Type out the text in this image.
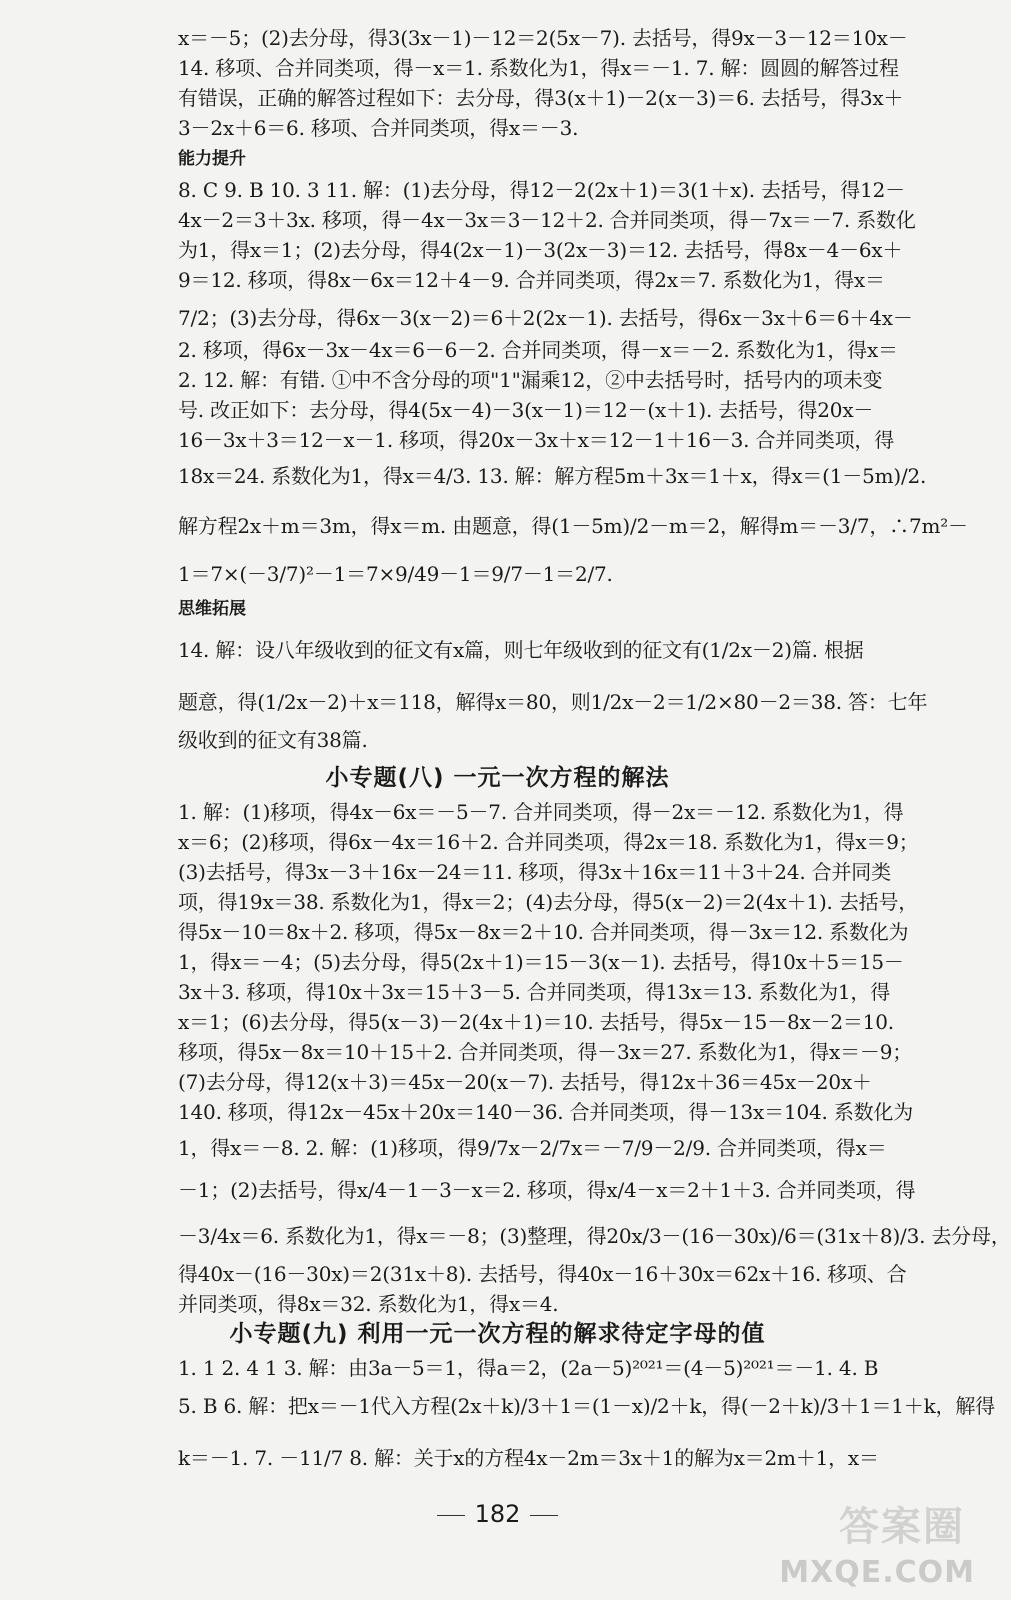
x＝－5；(2)去分母，得3(3x－1)－12＝2(5x－7). 去括号，得9x－3－12＝10x－
14. 移项、合并同类项，得－x＝1. 系数化为1，得x＝－1. 7. 解：圆圆的解答过程
有错误，正确的解答过程如下：去分母，得3(x＋1)－2(x－3)＝6. 去括号，得3x＋
3－2x＋6＝6. 移项、合并同类项，得x＝－3.
能力提升
8. C 9. B 10. 3 11. 解：(1)去分母，得12－2(2x＋1)＝3(1＋x). 去括号，得12－
4x－2＝3＋3x. 移项，得－4x－3x＝3－12＋2. 合并同类项，得－7x＝－7. 系数化
为1，得x＝1；(2)去分母，得4(2x－1)－3(2x－3)＝12. 去括号，得8x－4－6x＋
9＝12. 移项，得8x－6x＝12＋4－9. 合并同类项，得2x＝7. 系数化为1，得x＝
7/2；(3)去分母，得6x－3(x－2)＝6＋2(2x－1). 去括号，得6x－3x＋6＝6＋4x－
2. 移项，得6x－3x－4x＝6－6－2. 合并同类项，得－x＝－2. 系数化为1，得x＝
2. 12. 解：有错. ①中不含分母的项"1"漏乘12，②中去括号时，括号内的项未变
号. 改正如下：去分母，得4(5x－4)－3(x－1)＝12－(x＋1). 去括号，得20x－
16－3x＋3＝12－x－1. 移项，得20x－3x＋x＝12－1＋16－3. 合并同类项，得
18x＝24. 系数化为1，得x＝4/3. 13. 解：解方程5m＋3x＝1＋x，得x＝(1－5m)/2.
解方程2x＋m＝3m，得x＝m. 由题意，得(1－5m)/2－m＝2，解得m＝－3/7，∴7m²－
1＝7×(－3/7)²－1＝7×9/49－1＝9/7－1＝2/7.
思维拓展
14. 解：设八年级收到的征文有x篇，则七年级收到的征文有(1/2x－2)篇. 根据
题意，得(1/2x－2)＋x＝118，解得x＝80，则1/2x－2＝1/2×80－2＝38. 答：七年
级收到的征文有38篇.
小专题(八) 一元一次方程的解法
1. 解：(1)移项，得4x－6x＝－5－7. 合并同类项，得－2x＝－12. 系数化为1，得
x＝6；(2)移项，得6x－4x＝16＋2. 合并同类项，得2x＝18. 系数化为1，得x＝9；
(3)去括号，得3x－3＋16x－24＝11. 移项，得3x＋16x＝11＋3＋24. 合并同类
项，得19x＝38. 系数化为1，得x＝2；(4)去分母，得5(x－2)＝2(4x＋1). 去括号，
得5x－10＝8x＋2. 移项，得5x－8x＝2＋10. 合并同类项，得－3x＝12. 系数化为
1，得x＝－4；(5)去分母，得5(2x＋1)＝15－3(x－1). 去括号，得10x＋5＝15－
3x＋3. 移项，得10x＋3x＝15＋3－5. 合并同类项，得13x＝13. 系数化为1，得
x＝1；(6)去分母，得5(x－3)－2(4x＋1)＝10. 去括号，得5x－15－8x－2＝10.
移项，得5x－8x＝10＋15＋2. 合并同类项，得－3x＝27. 系数化为1，得x＝－9；
(7)去分母，得12(x＋3)＝45x－20(x－7). 去括号，得12x＋36＝45x－20x＋
140. 移项，得12x－45x＋20x＝140－36. 合并同类项，得－13x＝104. 系数化为
1，得x＝－8. 2. 解：(1)移项，得9/7x－2/7x＝－7/9－2/9. 合并同类项，得x＝
－1；(2)去括号，得x/4－1－3－x＝2. 移项，得x/4－x＝2＋1＋3. 合并同类项，得
－3/4x＝6. 系数化为1，得x＝－8；(3)整理，得20x/3－(16－30x)/6＝(31x＋8)/3. 去分母，
得40x－(16－30x)＝2(31x＋8). 去括号，得40x－16＋30x＝62x＋16. 移项、合
并同类项，得8x＝32. 系数化为1，得x＝4.
小专题(九) 利用一元一次方程的解求待定字母的值
1. 1 2. 4 1 3. 解：由3a－5＝1，得a＝2，(2a－5)²⁰²¹＝(4－5)²⁰²¹＝－1. 4. B
5. B 6. 解：把x＝－1代入方程(2x＋k)/3＋1＝(1－x)/2＋k，得(－2＋k)/3＋1＝1＋k，解得
k＝－1. 7. －11/7 8. 解：关于x的方程4x－2m＝3x＋1的解为x＝2m＋1，x＝
182	答案圈
MXQE.COM
